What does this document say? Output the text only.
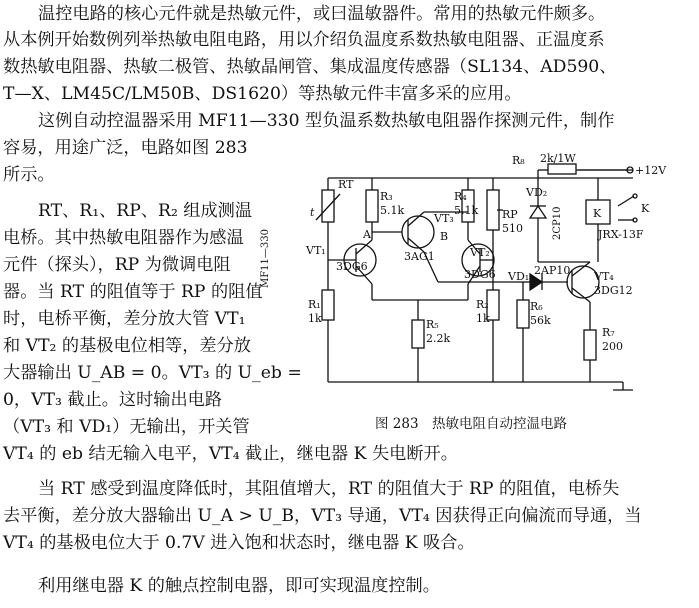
温控电路的核心元件就是热敏元件，或曰温敏器件。常用的热敏元件颇多。
从本例开始数例列举热敏电阻电路，用以介绍负温度系数热敏电阻器、正温度系
数热敏电阻器、热敏二极管、热敏晶闸管、集成温度传感器（SL134、AD590、
T—X、LM45C/LM50B、DS1620）等热敏元件丰富多采的应用。
这例自动控温器采用 MF11—330 型负温系数热敏电阻器作探测元件，制作
容易，用途广泛，电路如图 283
所示。
RT、R₁、RP、R₂ 组成测温
电桥。其中热敏电阻器作为感温
元件（探头），RP 为微调电阻
器。当 RT 的阻值等于 RP 的阻值
时，电桥平衡，差分放大管 VT₁
和 VT₂ 的基极电位相等，差分放
大器输出 U_AB = 0。VT₃ 的 U_eb =
0，VT₃ 截止。这时输出电路
（VT₃ 和 VD₁）无输出，开关管
VT₄ 的 eb 结无输入电平，VT₄ 截止，继电器 K 失电断开。
当 RT 感受到温度降低时，其阻值增大，RT 的阻值大于 RP 的阻值，电桥失
去平衡，差分放大器输出 U_A > U_B，VT₃ 导通，VT₄ 因获得正向偏流而导通，当
VT₄ 的基极电位大于 0.7V 进入饱和状态时，继电器 K 吸合。
利用继电器 K 的触点控制电器，即可实现温度控制。
RT
t
MF11—330	VT₁
3DG6
R₁
1k
R₃
5.1k
A
VT₃
3AG1
B
R₄
5.1k
R₅
2.2k
VT₂
3DG6
R₂
1k
RP
510
R₈ 2k/1W
VD₁ 2AP10
R₆
56k
VD₂
2CP10
VT₄
3DG12
R₇
200
K	K
JRX-13F
+12V
图 283　热敏电阻自动控温电路
